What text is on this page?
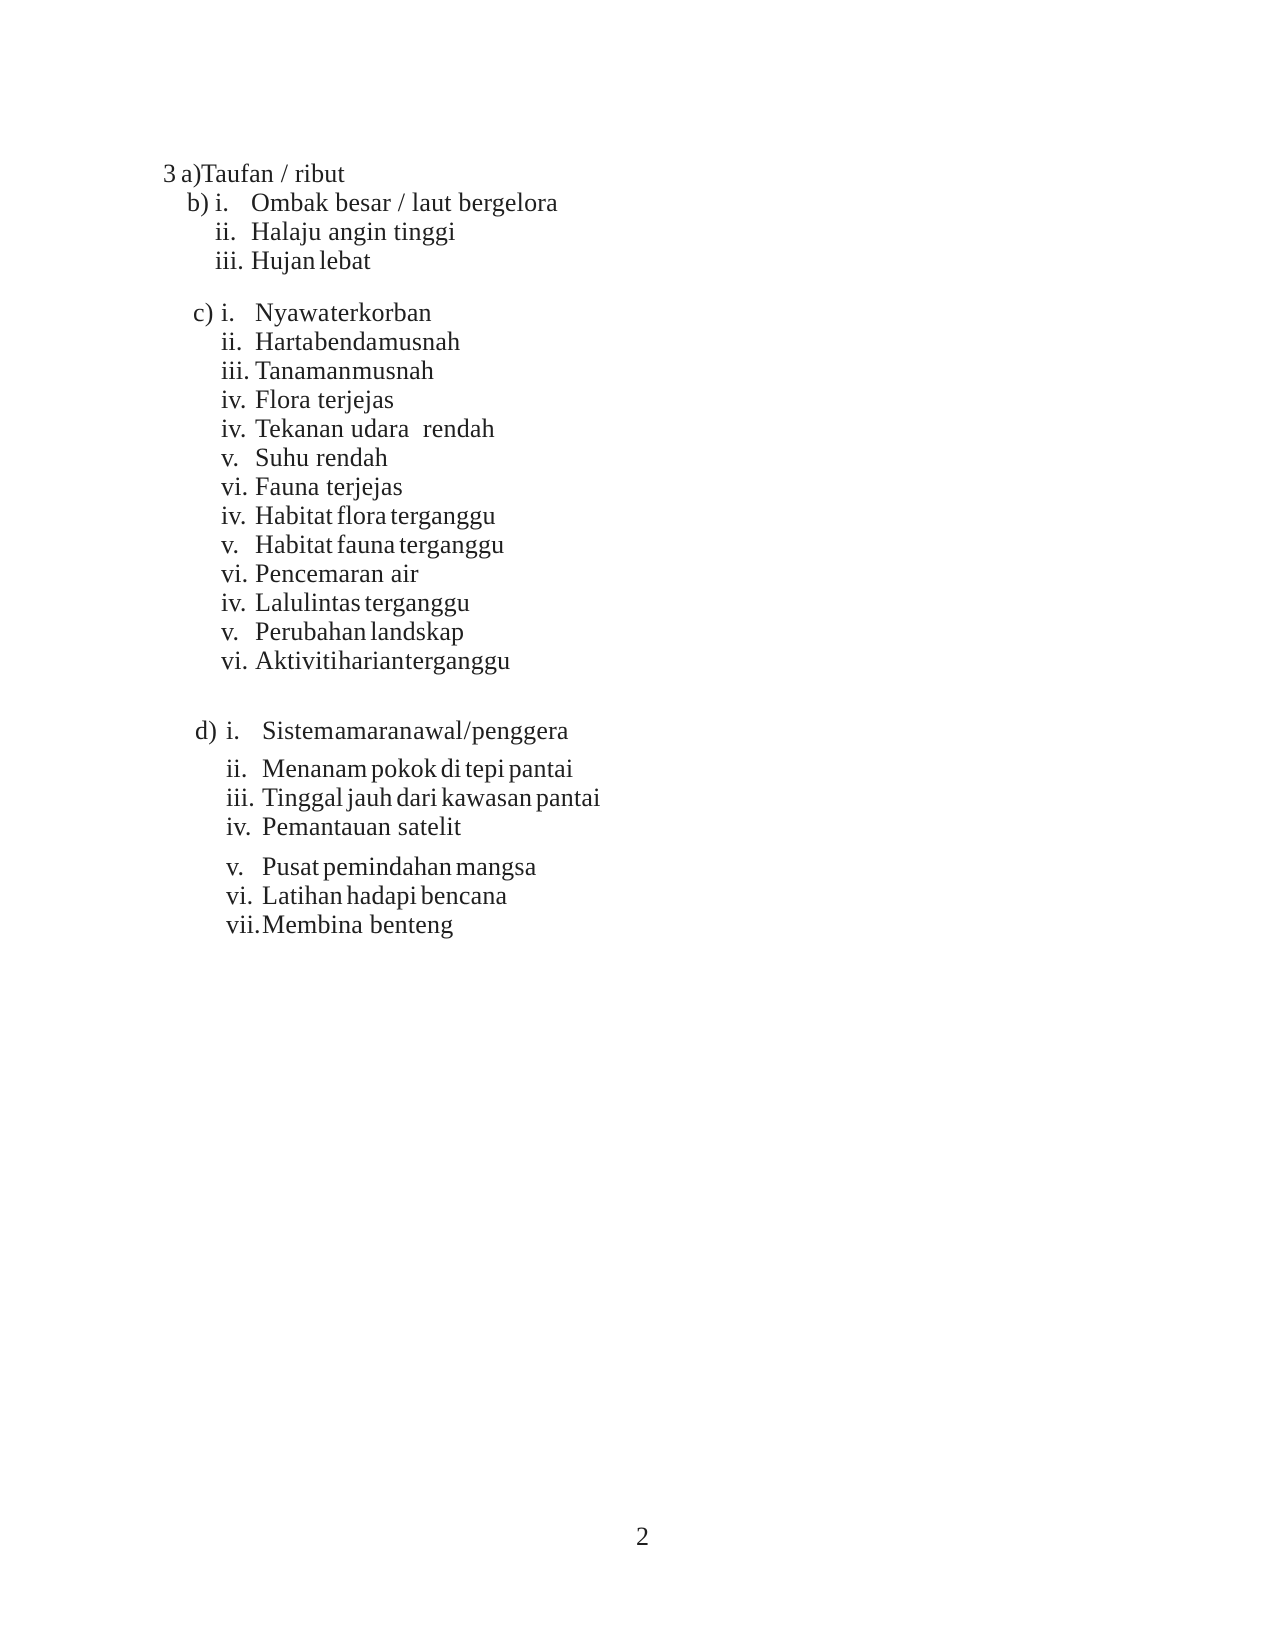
3 a) Taufan / ribut
b) i. Ombak besar / laut bergelora
ii. Halaju angin tinggi
iii. Hujan lebat
c) i. Nyawa terkorban
ii. Harta benda musnah
iii. Tanaman musnah
iv. Flora terjejas
iv. Tekanan udara  rendah
v. Suhu rendah
vi. Fauna terjejas
iv. Habitat flora terganggu
v. Habitat fauna terganggu
vi. Pencemaran air
iv. Lalulintas terganggu
v. Perubahan landskap
vi. Aktiviti harian terganggu
d) i. Sistem amaran awal / penggera
ii. Menanam pokok di tepi pantai
iii. Tinggal jauh dari kawasan pantai
iv. Pemantauan satelit
v. Pusat pemindahan mangsa
vi. Latihan hadapi bencana
vii. Membina benteng
2
